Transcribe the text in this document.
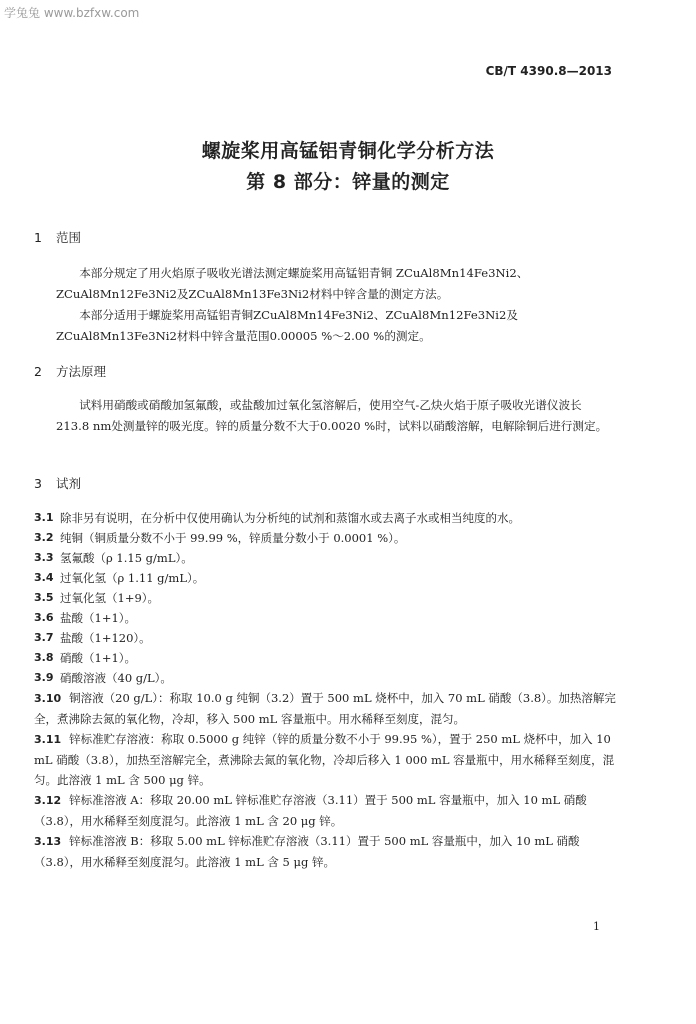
学兔兔 www.bzfxw.com
CB/T 4390.8—2013
螺旋桨用高锰铝青铜化学分析方法
第 8 部分：锌量的测定
1 范围

本部分规定了用火焰原子吸收光谱法测定螺旋桨用高锰铝青铜 ZCuAl8Mn14Fe3Ni2、ZCuAl8Mn12Fe3Ni2及ZCuAl8Mn13Fe3Ni2材料中锌含量的测定方法。

本部分适用于螺旋桨用高锰铝青铜ZCuAl8Mn14Fe3Ni2、ZCuAl8Mn12Fe3Ni2及ZCuAl8Mn13Fe3Ni2材料中锌含量范围0.00005 %～2.00 %的测定。

2 方法原理

试料用硝酸或硝酸加氢氟酸，或盐酸加过氧化氢溶解后，使用空气-乙炔火焰于原子吸收光谱仪波长213.8 nm处测量锌的吸光度。锌的质量分数不大于0.0020 %时，试料以硝酸溶解，电解除铜后进行测定。

3 试剂
3.1 除非另有说明，在分析中仅使用确认为分析纯的试剂和蒸馏水或去离子水或相当纯度的水。
3.2 纯铜（铜质量分数不小于 99.99 %，锌质量分数小于 0.0001 %）。
3.3 氢氟酸（ρ 1.15 g/mL）。
3.4 过氧化氢（ρ 1.11 g/mL）。
3.5 过氧化氢（1+9）。
3.6 盐酸（1+1）。
3.7 盐酸（1+120）。
3.8 硝酸（1+1）。
3.9 硝酸溶液（40 g/L）。
3.10 铜溶液（20 g/L）：称取 10.0 g 纯铜（3.2）置于 500 mL 烧杯中，加入 70 mL 硝酸（3.8）。加热溶解完全，煮沸除去氮的氧化物，冷却，移入 500 mL 容量瓶中。用水稀释至刻度，混匀。
3.11 锌标准贮存溶液：称取 0.5000 g 纯锌（锌的质量分数不小于 99.95 %），置于 250 mL 烧杯中，加入 10 mL 硝酸（3.8），加热至溶解完全，煮沸除去氮的氧化物，冷却后移入 1 000 mL 容量瓶中，用水稀释至刻度，混匀。此溶液 1 mL 含 500 μg 锌。
3.12 锌标准溶液 A：移取 20.00 mL 锌标准贮存溶液（3.11）置于 500 mL 容量瓶中，加入 10 mL 硝酸（3.8），用水稀释至刻度混匀。此溶液 1 mL 含 20 μg 锌。
3.13 锌标准溶液 B：移取 5.00 mL 锌标准贮存溶液（3.11）置于 500 mL 容量瓶中，加入 10 mL 硝酸（3.8），用水稀释至刻度混匀。此溶液 1 mL 含 5 μg 锌。
1
